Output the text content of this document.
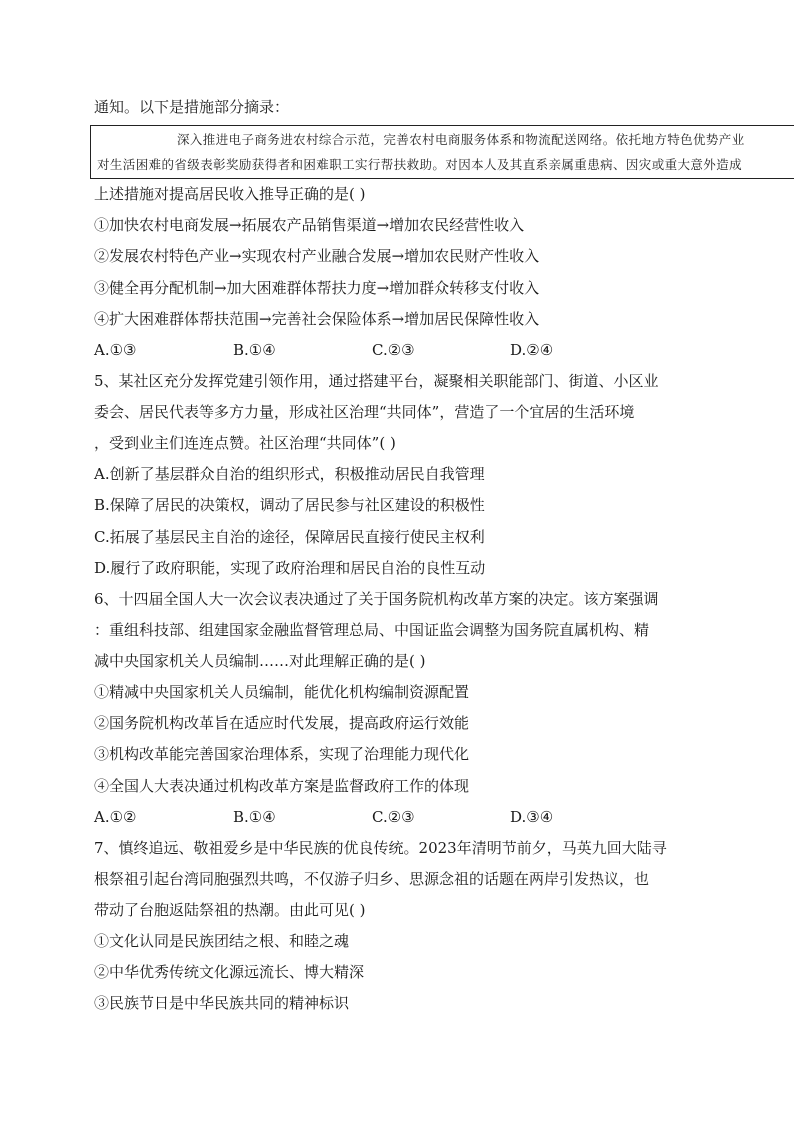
通知。以下是措施部分摘录：

深入推进电子商务进农村综合示范，完善农村电商服务体系和物流配送网络。依托地方特色优势产业

对生活困难的省级表彰奖励获得者和困难职工实行帮扶救助。对因本人及其直系亲属重患病、因灾或重大意外造成

上述措施对提高居民收入推导正确的是( )

①加快农村电商发展→拓展农产品销售渠道→增加农民经营性收入

②发展农村特色产业→实现农村产业融合发展→增加农民财产性收入

③健全再分配机制→加大困难群体帮扶力度→增加群众转移支付收入

④扩大困难群体帮扶范围→完善社会保险体系→增加居民保障性收入

A.①③	B.①④	C.②③	D.②④

5、某社区充分发挥党建引领作用，通过搭建平台，凝聚相关职能部门、街道、小区业

委会、居民代表等多方力量，形成社区治理“共同体”，营造了一个宜居的生活环境

，受到业主们连连点赞。社区治理“共同体”( )

A.创新了基层群众自治的组织形式，积极推动居民自我管理

B.保障了居民的决策权，调动了居民参与社区建设的积极性

C.拓展了基层民主自治的途径，保障居民直接行使民主权利

D.履行了政府职能，实现了政府治理和居民自治的良性互动

6、十四届全国人大一次会议表决通过了关于国务院机构改革方案的决定。该方案强调

：重组科技部、组建国家金融监督管理总局、中国证监会调整为国务院直属机构、精

减中央国家机关人员编制……对此理解正确的是( )

①精减中央国家机关人员编制，能优化机构编制资源配置

②国务院机构改革旨在适应时代发展，提高政府运行效能

③机构改革能完善国家治理体系，实现了治理能力现代化

④全国人大表决通过机构改革方案是监督政府工作的体现

A.①②	B.①④	C.②③	D.③④

7、慎终追远、敬祖爱乡是中华民族的优良传统。2023年清明节前夕，马英九回大陆寻

根祭祖引起台湾同胞强烈共鸣，不仅游子归乡、思源念祖的话题在两岸引发热议，也

带动了台胞返陆祭祖的热潮。由此可见( )

①文化认同是民族团结之根、和睦之魂

②中华优秀传统文化源远流长、博大精深

③民族节日是中华民族共同的精神标识
